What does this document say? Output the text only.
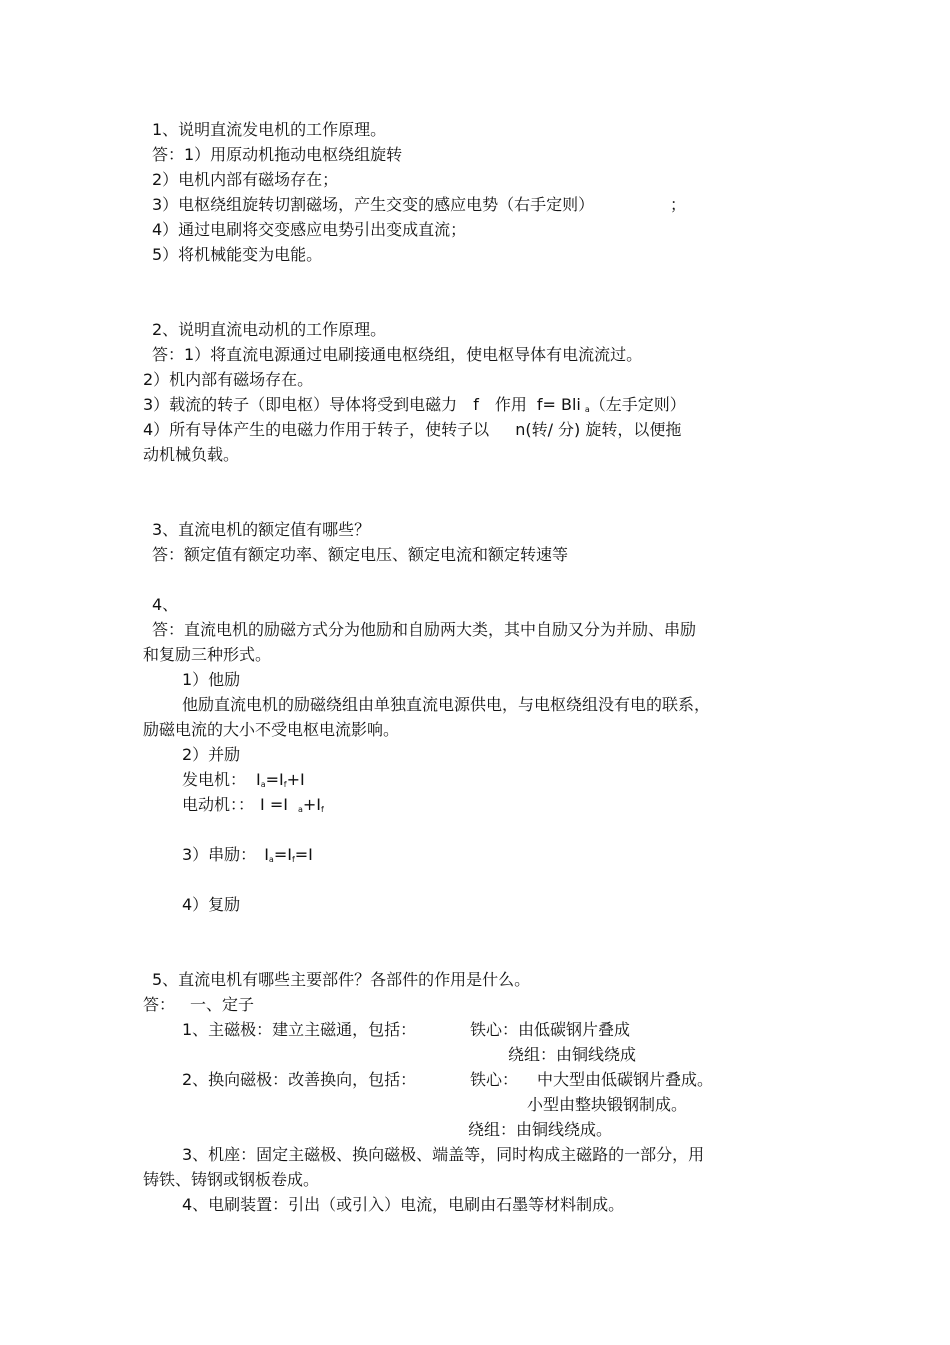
1、说明直流发电机的工作原理。
答：1）用原动机拖动电枢绕组旋转
2）电机内部有磁场存在；
3）电枢绕组旋转切割磁场，产生交变的感应电势（右手定则）	；
4）通过电刷将交变感应电势引出变成直流；
5）将机械能变为电能。
2、说明直流电动机的工作原理。
答：1）将直流电源通过电刷接通电枢绕组，使电枢导体有电流流过。
2）机内部有磁场存在。
3）载流的转子（即电枢）导体将受到电磁力 f 作用 f= Bli $_a$（左手定则）
4）所有导体产生的电磁力作用于转子，使转子以 n(转/ 分) 旋转，以便拖
动机械负载。
3、直流电机的额定值有哪些？
答：额定值有额定功率、额定电压、额定电流和额定转速等
4、
答：直流电机的励磁方式分为他励和自励两大类，其中自励又分为并励、串励
和复励三种形式。
1）他励
他励直流电机的励磁绕组由单独直流电源供电，与电枢绕组没有电的联系，
励磁电流的大小不受电枢电流影响。
2）并励
发电机： $I_a=I_f+I$
电动机：： I =I $_a+I_f$
3）串励： $I_a=I_f=I$
4）复励
5、直流电机有哪些主要部件？各部件的作用是什么。
答： 一、定子
1、主磁极：建立主磁通，包括：	铁心：由低碳钢片叠成
绕组：由铜线绕成
2、换向磁极：改善换向，包括：	铁心： 中大型由低碳钢片叠成。
小型由整块锻钢制成。
绕组：由铜线绕成。
3、机座：固定主磁极、换向磁极、端盖等，同时构成主磁路的一部分，用
铸铁、铸钢或钢板卷成。
4、电刷装置：引出（或引入）电流，电刷由石墨等材料制成。
